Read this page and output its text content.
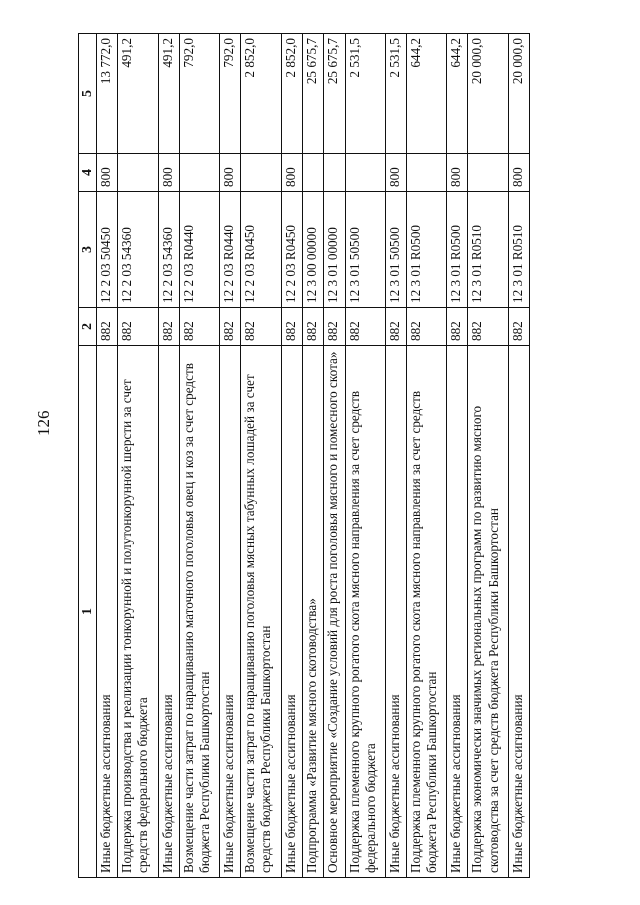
126
1	2	3	4	5
Иные бюджетные ассигнования	882	12 2 03 50450	800	13 772,0
Поддержка производства и реализации тонкорунной и полутонкорунной шерсти за счет средств федерального бюджета	882	12 2 03 54360		491,2
Иные бюджетные ассигнования	882	12 2 03 54360	800	491,2
Возмещение части затрат по наращиванию маточного поголовья овец и коз за счет средств бюджета Республики Башкортостан	882	12 2 03 R0440		792,0
Иные бюджетные ассигнования	882	12 2 03 R0440	800	792,0
Возмещение части затрат по наращиванию поголовья мясных табунных лошадей за счет средств бюджета Республики Башкортостан	882	12 2 03 R0450		2 852,0
Иные бюджетные ассигнования	882	12 2 03 R0450	800	2 852,0
Подпрограмма «Развитие мясного скотоводства»	882	12 3 00 00000		25 675,7
Основное мероприятие «Создание условий для роста поголовья мясного и помесного скота»	882	12 3 01 00000		25 675,7
Поддержка племенного крупного рогатого скота мясного направления за счет средств федерального бюджета	882	12 3 01 50500		2 531,5
Иные бюджетные ассигнования	882	12 3 01 50500	800	2 531,5
Поддержка племенного крупного рогатого скота мясного направления за счет средств бюджета Республики Башкортостан	882	12 3 01 R0500		644,2
Иные бюджетные ассигнования	882	12 3 01 R0500	800	644,2
Поддержка экономически значимых региональных программ по развитию мясного скотоводства за счет средств бюджета Республики Башкортостан	882	12 3 01 R0510		20 000,0
Иные бюджетные ассигнования	882	12 3 01 R0510	800	20 000,0
